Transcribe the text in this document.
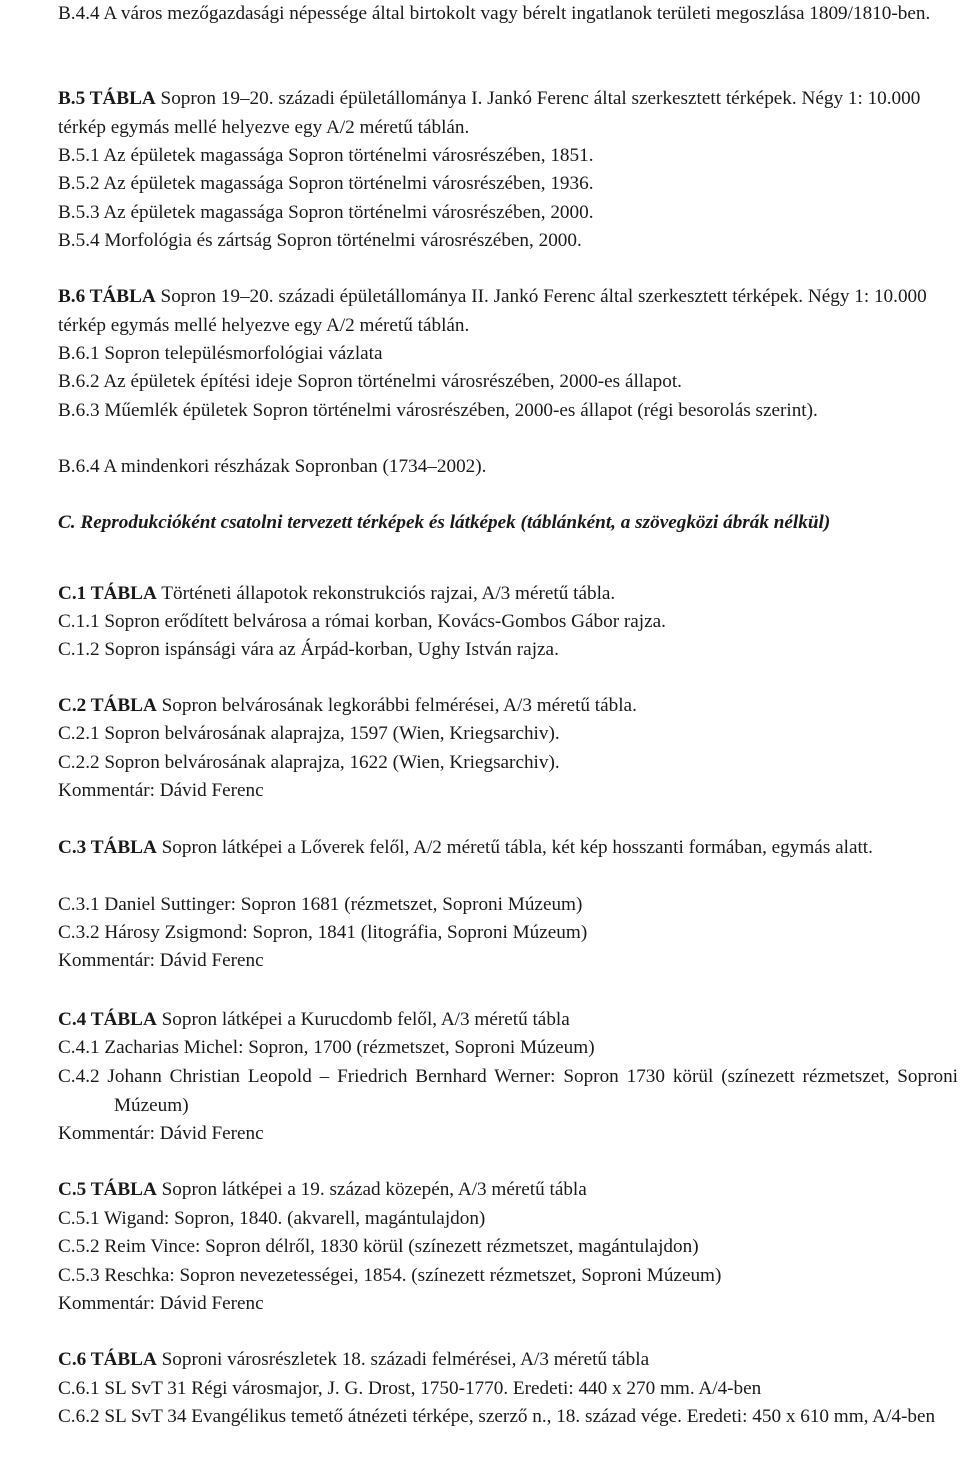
B.4.4 A város mezőgazdasági népessége által birtokolt vagy bérelt ingatlanok területi megoszlása 1809/1810-ben.
B.5 TÁBLA Sopron 19–20. századi épületállománya I. Jankó Ferenc által szerkesztett térképek. Négy 1: 10.000 térkép egymás mellé helyezve egy A/2 méretű táblán.
B.5.1 Az épületek magassága Sopron történelmi városrészében, 1851.
B.5.2 Az épületek magassága Sopron történelmi városrészében, 1936.
B.5.3 Az épületek magassága Sopron történelmi városrészében, 2000.
B.5.4 Morfológia és zártság Sopron történelmi városrészében, 2000.
B.6 TÁBLA Sopron 19–20. századi épületállománya II. Jankó Ferenc által szerkesztett térképek. Négy 1: 10.000 térkép egymás mellé helyezve egy A/2 méretű táblán.
B.6.1 Sopron településmorfológiai vázlata
B.6.2 Az épületek építési ideje Sopron történelmi városrészében, 2000-es állapot.
B.6.3 Műemlék épületek Sopron történelmi városrészében, 2000-es állapot (régi besorolás szerint).
B.6.4 A mindenkori részházak Sopronban (1734–2002).
C. Reprodukcióként csatolni tervezett térképek és látképek (táblánként, a szövegközi ábrák nélkül)
C.1 TÁBLA Történeti állapotok rekonstrukciós rajzai, A/3 méretű tábla.
C.1.1 Sopron erődített belvárosa a római korban, Kovács-Gombos Gábor rajza.
C.1.2 Sopron ispánsági vára az Árpád-korban, Ughy István rajza.
C.2 TÁBLA Sopron belvárosának legkorábbi felmérései, A/3 méretű tábla.
C.2.1 Sopron belvárosának alaprajza, 1597 (Wien, Kriegsarchiv).
C.2.2 Sopron belvárosának alaprajza, 1622 (Wien, Kriegsarchiv).
Kommentár: Dávid Ferenc
C.3 TÁBLA Sopron látképei a Lőverek felől, A/2 méretű tábla, két kép hosszanti formában, egymás alatt.
C.3.1 Daniel Suttinger: Sopron 1681 (rézmetszet, Soproni Múzeum)
C.3.2 Hárosy Zsigmond: Sopron, 1841 (litográfia, Soproni Múzeum)
Kommentár: Dávid Ferenc
C.4 TÁBLA Sopron látképei a Kurucdomb felől, A/3 méretű tábla
C.4.1 Zacharias Michel: Sopron, 1700 (rézmetszet, Soproni Múzeum)
C.4.2 Johann Christian Leopold – Friedrich Bernhard Werner: Sopron 1730 körül (színezett rézmetszet, Soproni Múzeum)
Kommentár: Dávid Ferenc
C.5 TÁBLA Sopron látképei a 19. század közepén, A/3 méretű tábla
C.5.1 Wigand: Sopron, 1840. (akvarell, magántulajdon)
C.5.2 Reim Vince: Sopron délről, 1830 körül (színezett rézmetszet, magántulajdon)
C.5.3 Reschka: Sopron nevezetességei, 1854. (színezett rézmetszet, Soproni Múzeum)
Kommentár: Dávid Ferenc
C.6 TÁBLA Soproni városrészletek 18. századi felmérései, A/3 méretű tábla
C.6.1 SL SvT 31 Régi városmajor, J. G. Drost, 1750-1770. Eredeti: 440 x 270 mm. A/4-ben
C.6.2 SL SvT 34 Evangélikus temető átnézeti térképe, szerző n., 18. század vége. Eredeti: 450 x 610 mm, A/4-ben
